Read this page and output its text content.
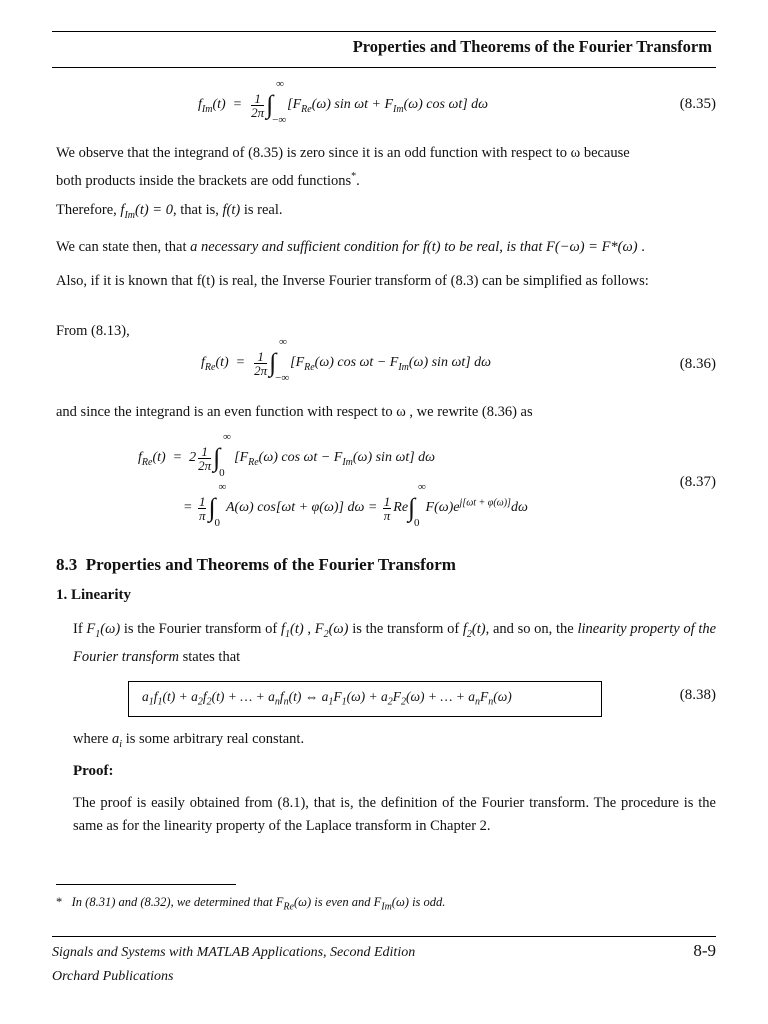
Properties and Theorems of the Fourier Transform
$f_{Im}(t) = \frac{1}{2\pi}$ ∫
∞
−∞
[$F_{Re}(\omega)$ $\sin \omega t + F_{Im}(\omega)$ cos ωt] dω	(8.35)
We observe that the integrand of (8.35) is zero since it is an odd function with respect to ω because
both products inside the brackets are odd functions*.
Therefore, $f_{Im}(t) = 0$, that is, f(t) is real.
We can state then, that a necessary and sufficient condition for f(t) to be real, is that F(−ω) = F*(ω) .
Also, if it is known that f(t) is real, the Inverse Fourier transform of (8.3) can be simplified as follows:
From (8.13),
$f_{Re}(t) = \frac{1}{2\pi}$ ∫
∞
−∞
[$F_{Re}(\omega)$ $\cos \omega t - F_{Im}(\omega)$ sin ωt] dω	(8.36)
and since the integrand is an even function with respect to ω , we rewrite (8.36) as
$f_{Re}(t) = 2 \frac{1}{2\pi}$ ∫
∞
0
[$F_{Re}(\omega)$ $\cos \omega t - F_{Im}(\omega)$ sin ωt] dω
= $\frac{1}{\pi}$ ∫
∞
0
A(ω) cos[ωt + φ(ω)] $d\omega = \frac{1}{\pi} Re\int$
∞
0
$F(\omega)e^{j[\omega t + \varphi(\omega)]}d\omega$
(8.37)
8.3 Properties and Theorems of the Fourier Transform
1. Linearity
If $F_1(\omega)$ is the Fourier transform of $f_1(t)$ , $F_2(\omega)$ is the transform of $f_2(t)$, and so on, the linearity property of the Fourier transform states that
$a_1f_1(t) + a_2f_2(t)$ + … + $a_nf_n(t)$ ⇔ $a_1F_1(\omega) + a_2F_2(\omega)$ + … + $a_nF_n(\omega)$	(8.38)
where $a_i$ is some arbitrary real constant.
Proof:
The proof is easily obtained from (8.1), that is, the definition of the Fourier transform. The procedure is the same as for the linearity property of the Laplace transform in Chapter 2.
* In (8.31) and (8.32), we determined that $F_{Re}(\omega)$ is even and $F_{Im}(\omega)$ is odd.
Signals and Systems with MATLAB Applications, Second Edition
Orchard Publications
8-9
